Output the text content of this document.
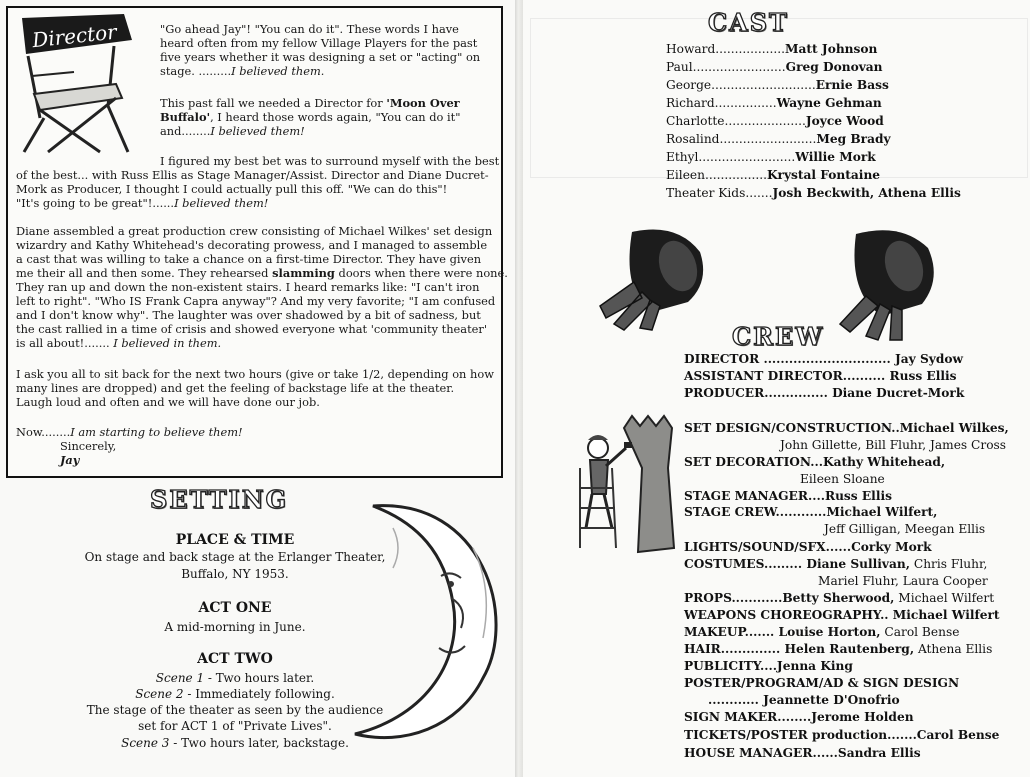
Director	"Go ahead Jay"! "You can do it". These words I have
heard often from my fellow Village Players for the past
five years whether it was designing a set or "acting" on
stage. .........I believed them.
This past fall we needed a Director for 'Moon Over
Buffalo', I heard those words again, "You can do it"
and........I believed them!
I figured my best bet was to surround myself with the best
of the best... with Russ Ellis as Stage Manager/Assist. Director and Diane Ducret-
Mork as Producer, I thought I could actually pull this off. "We can do this"!
"It's going to be great"!......I believed them!
Diane assembled a great production crew consisting of Michael Wilkes' set design
wizardry and Kathy Whitehead's decorating prowess, and I managed to assemble
a cast that was willing to take a chance on a first-time Director. They have given
me their all and then some. They rehearsed slamming doors when there were none.
They ran up and down the non-existent stairs. I heard remarks like: "I can't iron
left to right". "Who IS Frank Capra anyway"? And my very favorite; "I am confused
and I don't know why". The laughter was over shadowed by a bit of sadness, but
the cast rallied in a time of crisis and showed everyone what 'community theater'
is all about!....... I believed in them.
I ask you all to sit back for the next two hours (give or take 1/2, depending on how
many lines are dropped) and get the feeling of backstage life at the theater.
Laugh loud and often and we will have done our job.
Now........I am starting to believe them!
Sincerely,
Jay
SETTING
PLACE & TIME
On stage and back stage at the Erlanger Theater,
Buffalo, NY 1953.
ACT ONE
A mid-morning in June.
ACT TWO
Scene 1 - Two hours later.
Scene 2 - Immediately following.
The stage of the theater as seen by the audience
set for ACT 1 of "Private Lives".
Scene 3 - Two hours later, backstage.
CAST
Howard..................Matt Johnson
Paul........................Greg Donovan
George...........................Ernie Bass
Richard................Wayne Gehman
Charlotte.....................Joyce Wood
Rosalind.........................Meg Brady
Ethyl.........................Willie Mork
Eileen................Krystal Fontaine
Theater Kids.......Josh Beckwith, Athena Ellis
CREW
DIRECTOR .............................. Jay Sydow
ASSISTANT DIRECTOR.......... Russ Ellis
PRODUCER............... Diane Ducret-Mork
SET DESIGN/CONSTRUCTION..Michael Wilkes,
John Gillette, Bill Fluhr, James Cross
SET DECORATION...Kathy Whitehead,
Eileen Sloane
STAGE MANAGER....Russ Ellis
STAGE CREW............Michael Wilfert,
Jeff Gilligan, Meegan Ellis
LIGHTS/SOUND/SFX......Corky Mork
COSTUMES......... Diane Sullivan, Chris Fluhr,
Mariel Fluhr, Laura Cooper
PROPS............Betty Sherwood, Michael Wilfert
WEAPONS CHOREOGRAPHY.. Michael Wilfert
MAKEUP....... Louise Horton, Carol Bense
HAIR.............. Helen Rautenberg, Athena Ellis
PUBLICITY....Jenna King
POSTER/PROGRAM/AD & SIGN DESIGN
............ Jeannette D'Onofrio
SIGN MAKER........Jerome Holden
TICKETS/POSTER production.......Carol Bense
HOUSE MANAGER......Sandra Ellis
